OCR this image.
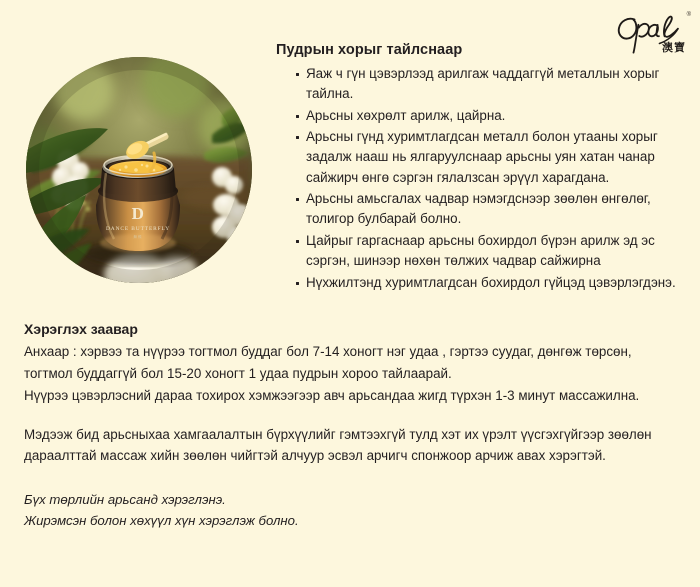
®
澳寶
D
DANCE BUTTERFLY
舞蝶
Пудрын хорыг тайлснаар
Яаж ч гүн цэвэрлээд арилгаж чаддаггүй металлын хорыг тайлна.
Арьсны хөхрөлт арилж, цайрна.
Арьсны гүнд хуримтлагдсан металл болон утааны хорыг задалж нааш нь ялгаруулснаар арьсны уян хатан чанар сайжирч өнгө сэргэн гялалзсан эрүүл харагдана.
Арьсны амьсгалах чадвар нэмэгдснээр зөөлөн өнгөлөг, толигор булбарай болно.
Цайрыг гаргаснаар арьсны бохирдол бүрэн арилж эд эс сэргэн, шинээр нөхөн төлжих чадвар сайжирна
Нүхжилтэнд хуримтлагдсан бохирдол гүйцэд цэвэрлэгдэнэ.
Хэрэглэх заавар

Анхаар : хэрвээ та нүүрээ тогтмол буддаг бол 7-14 хоногт нэг удаа , гэртээ суудаг, дөнгөж төрсөн, тогтмол буддаггүй бол 15-20 хоногт 1 удаа пудрын хороо тайлаарай.

Нүүрээ цэвэрлэсний дараа тохирох хэмжээгээр авч арьсандаа жигд түрхэн 1-3 минут массажилна.

Мэдээж бид арьсныхаа хамгаалалтын бүрхүүлийг гэмтээхгүй тулд хэт их үрэлт үүсгэхгүйгээр зөөлөн дараалттай массаж хийн зөөлөн чийгтэй алчуур эсвэл арчигч спонжоор арчиж авах хэрэгтэй.

Бүх төрлийн арьсанд хэрэглэнэ.

Жирэмсэн болон хөхүүл хүн хэрэглэж болно.
